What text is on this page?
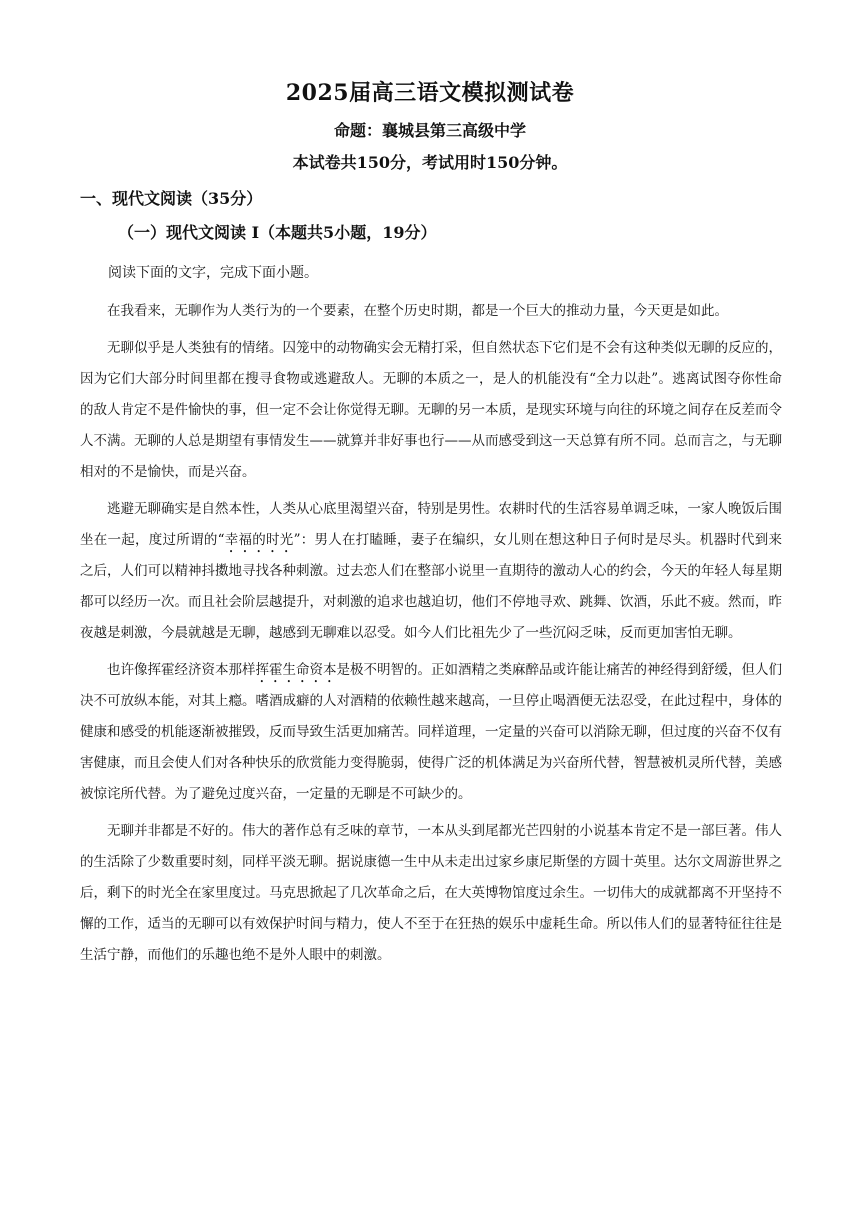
2025届高三语文模拟测试卷
命题：襄城县第三高级中学
本试卷共150分，考试用时150分钟。
一、现代文阅读（35分）
（一）现代文阅读 I（本题共5小题，19分）
阅读下面的文字，完成下面小题。

在我看来，无聊作为人类行为的一个要素，在整个历史时期，都是一个巨大的推动力量，今天更是如此。

无聊似乎是人类独有的情绪。囚笼中的动物确实会无精打采，但自然状态下它们是不会有这种类似无聊的反应的，因为它们大部分时间里都在搜寻食物或逃避敌人。无聊的本质之一，是人的机能没有“全力以赴”。逃离试图夺你性命的敌人肯定不是件愉快的事，但一定不会让你觉得无聊。无聊的另一本质，是现实环境与向往的环境之间存在反差而令人不满。无聊的人总是期望有事情发生——就算并非好事也行——从而感受到这一天总算有所不同。总而言之，与无聊相对的不是愉快，而是兴奋。

逃避无聊确实是自然本性，人类从心底里渴望兴奋，特别是男性。农耕时代的生活容易单调乏味，一家人晚饭后围坐在一起，度过所谓的“幸福的时光”：男人在打瞌睡，妻子在编织，女儿则在想这种日子何时是尽头。机器时代到来之后，人们可以精神抖擞地寻找各种刺激。过去恋人们在整部小说里一直期待的激动人心的约会，今天的年轻人每星期都可以经历一次。而且社会阶层越提升，对刺激的追求也越迫切，他们不停地寻欢、跳舞、饮酒，乐此不疲。然而，昨夜越是刺激，今晨就越是无聊，越感到无聊难以忍受。如今人们比祖先少了一些沉闷乏味，反而更加害怕无聊。

也许像挥霍经济资本那样挥霍生命资本是极不明智的。正如酒精之类麻醉品或许能让痛苦的神经得到舒缓，但人们决不可放纵本能，对其上瘾。嗜酒成癖的人对酒精的依赖性越来越高，一旦停止喝酒便无法忍受，在此过程中，身体的健康和感受的机能逐渐被摧毁，反而导致生活更加痛苦。同样道理，一定量的兴奋可以消除无聊，但过度的兴奋不仅有害健康，而且会使人们对各种快乐的欣赏能力变得脆弱，使得广泛的机体满足为兴奋所代替，智慧被机灵所代替，美感被惊诧所代替。为了避免过度兴奋，一定量的无聊是不可缺少的。

无聊并非都是不好的。伟大的著作总有乏味的章节，一本从头到尾都光芒四射的小说基本肯定不是一部巨著。伟人的生活除了少数重要时刻，同样平淡无聊。据说康德一生中从未走出过家乡康尼斯堡的方圆十英里。达尔文周游世界之后，剩下的时光全在家里度过。马克思掀起了几次革命之后，在大英博物馆度过余生。一切伟大的成就都离不开坚持不懈的工作，适当的无聊可以有效保护时间与精力，使人不至于在狂热的娱乐中虚耗生命。所以伟人们的显著特征往往是生活宁静，而他们的乐趣也绝不是外人眼中的刺激。
